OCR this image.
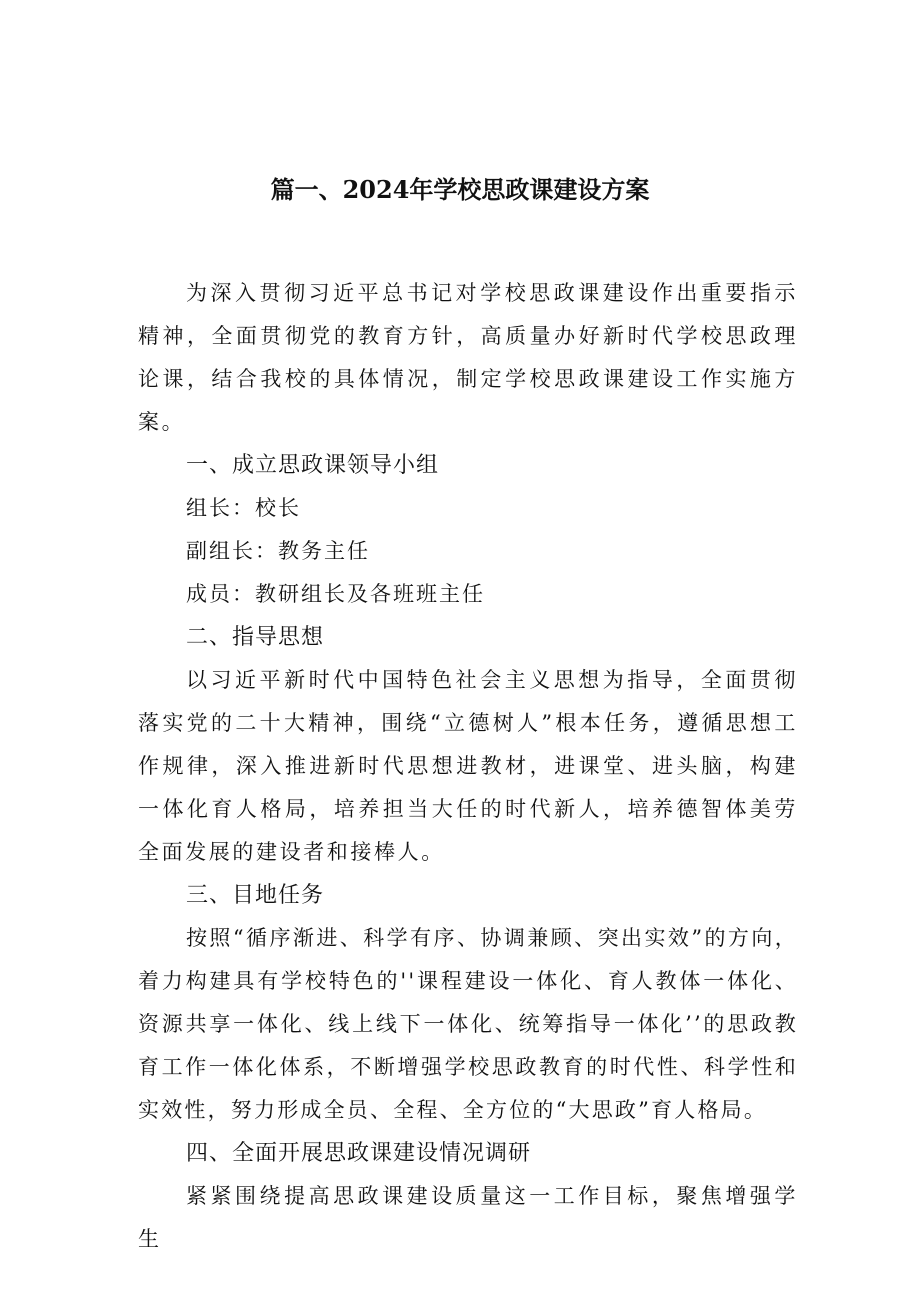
篇一、2024年学校思政课建设方案

为深入贯彻习近平总书记对学校思政课建设作出重要指示精神，全面贯彻党的教育方针，高质量办好新时代学校思政理论课，结合我校的具体情况，制定学校思政课建设工作实施方案。

一、成立思政课领导小组

组长：校长

副组长：教务主任

成员：教研组长及各班班主任

二、指导思想

以习近平新时代中国特色社会主义思想为指导，全面贯彻落实党的二十大精神，围绕“立德树人”根本任务，遵循思想工作规律，深入推进新时代思想进教材，进课堂、进头脑，构建一体化育人格局，培养担当大任的时代新人，培养德智体美劳全面发展的建设者和接棒人。

三、目地任务

按照“循序渐进、科学有序、协调兼顾、突出实效”的方向，着力构建具有学校特色的''课程建设一体化、育人教体一体化、资源共享一体化、线上线下一体化、统筹指导一体化’’的思政教育工作一体化体系，不断增强学校思政教育的时代性、科学性和实效性，努力形成全员、全程、全方位的“大思政”育人格局。

四、全面开展思政课建设情况调研

紧紧围绕提高思政课建设质量这一工作目标，聚焦增强学生
